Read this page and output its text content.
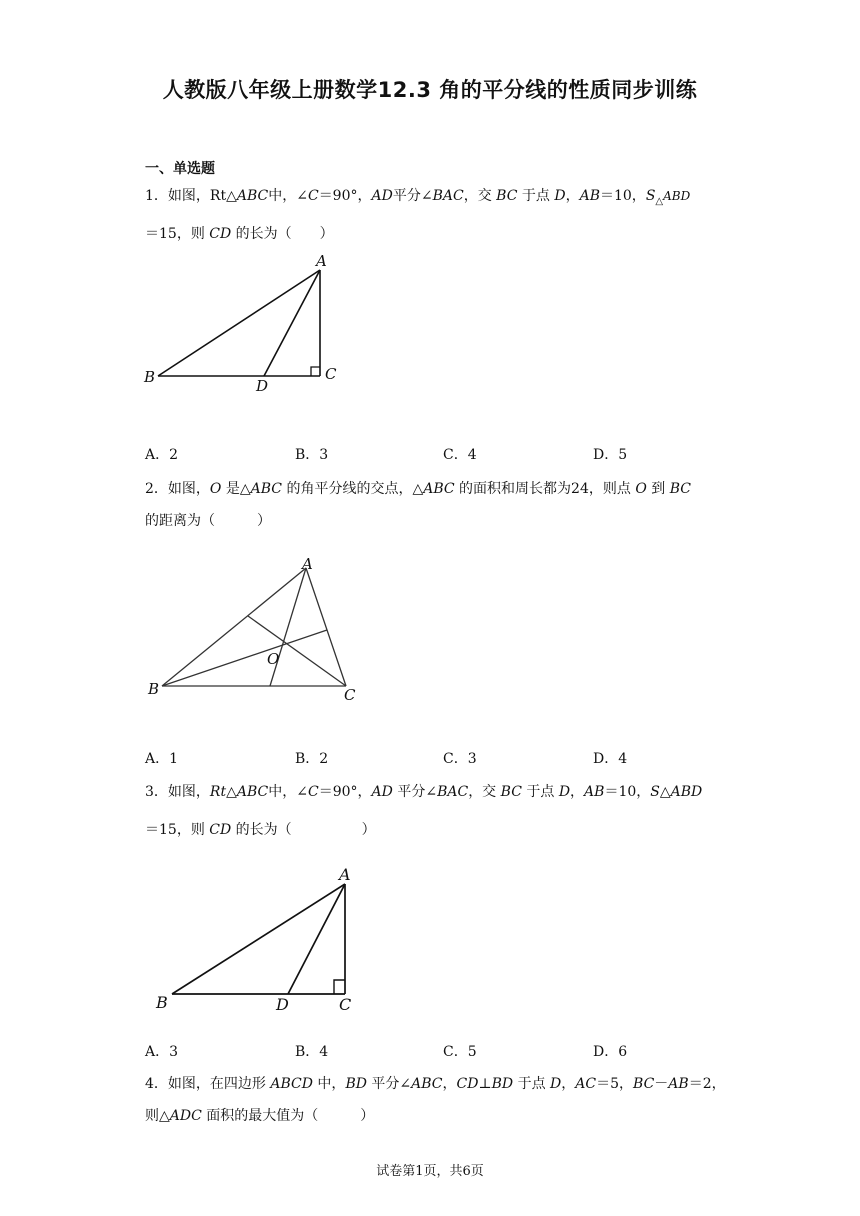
人教版八年级上册数学12.3 角的平分线的性质同步训练
一、单选题
1．如图，Rt△ABC中，∠C＝90°，AD平分∠BAC，交 BC 于点 D，AB＝10，$S_\triangle ABD$
＝15，则 CD 的长为（　　）
A
B	C
D
A．2	B．3	C．4	D．5
2．如图，O 是△ABC 的角平分线的交点，△ABC 的面积和周长都为24，则点 O 到 BC
的距离为（　　　）
A
B	C
O
A．1	B．2	C．3	D．4
3．如图，Rt△ABC中，∠C＝90°，AD 平分∠BAC，交 BC 于点 D，AB＝10，S△ABD
＝15，则 CD 的长为（　　　　　）
A
B	C
D
A．3	B．4	C．5	D．6
4．如图，在四边形 ABCD 中，BD 平分∠ABC，CD⊥BD 于点 D，AC＝5，BC－AB＝2，
则△ADC 面积的最大值为（　　　）
试卷第1页，共6页
